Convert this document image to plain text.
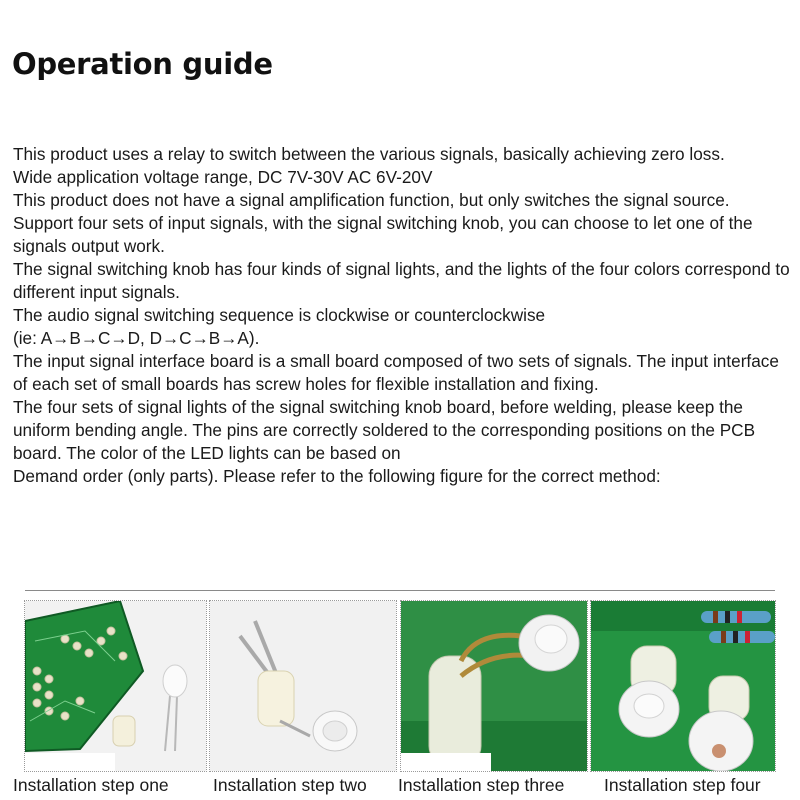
Operation guide

This product uses a relay to switch between the various signals, basically achieving zero loss.

Wide application voltage range, DC 7V-30V AC 6V-20V

This product does not have a signal amplification function, but only switches the signal source.

Support four sets of input signals, with the signal switching knob, you can choose to let one of the signals output work.

The signal switching knob has four kinds of signal lights, and the lights of the four colors correspond to different input signals.

The audio signal switching sequence is clockwise or counterclockwise

(ie: A→B→C→D, D→C→B→A).

The input signal interface board is a small board composed of two sets of signals. The input interface of each set of small boards has screw holes for flexible installation and fixing.

The four sets of signal lights of the signal switching knob board, before welding, please keep the uniform bending angle. The pins are correctly soldered to the corresponding positions on the PCB board. The color of the LED lights can be based on

Demand order (only parts). Please refer to the following figure for the correct method:

Installation step one	Installation step two Installation step three Installation step four
